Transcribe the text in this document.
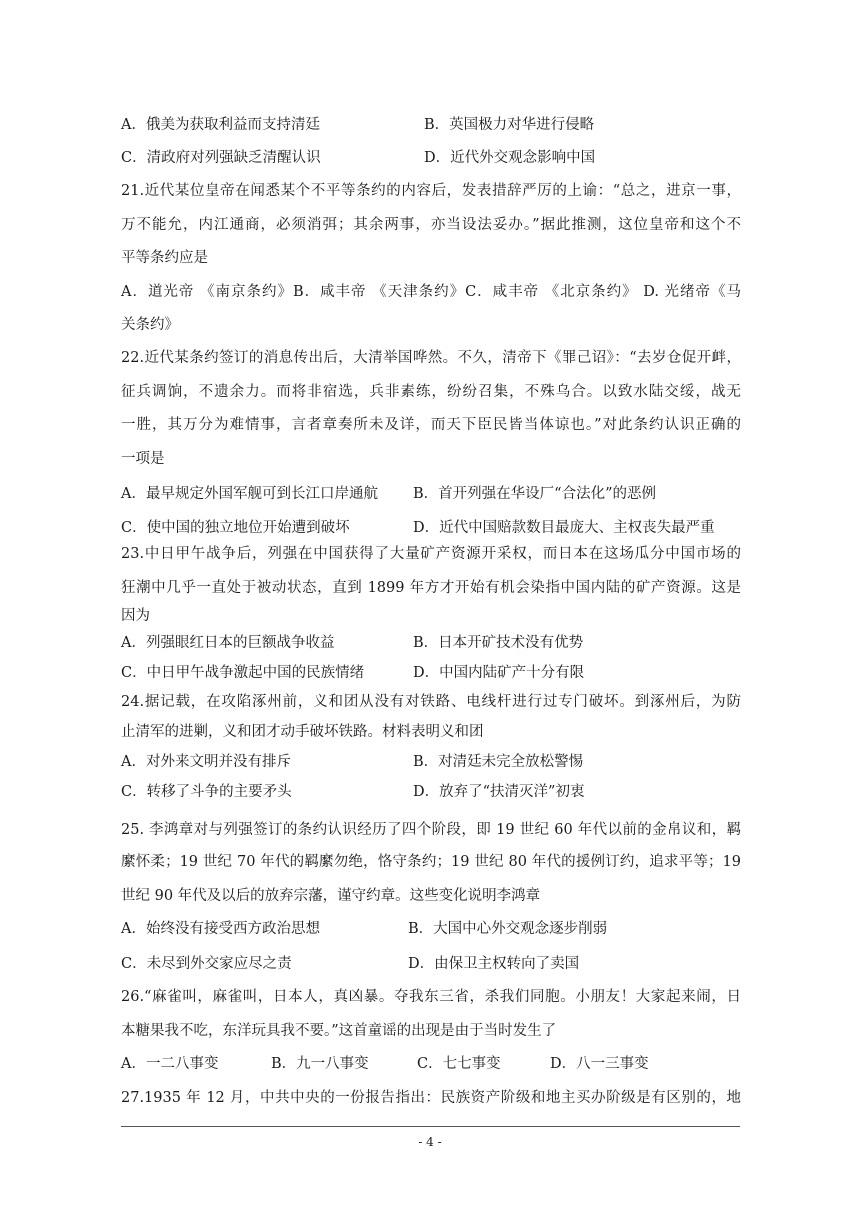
A．俄美为获取利益而支持清廷	B．英国极力对华进行侵略
C．清政府对列强缺乏清醒认识	D．近代外交观念影响中国
21.近代某位皇帝在闻悉某个不平等条约的内容后，发表措辞严厉的上谕：“总之，进京一事，
万不能允，内江通商，必须消弭；其余两事，亦当设法妥办。”据此推测，这位皇帝和这个不
平等条约应是
A．道光帝 《南京条约》B．咸丰帝 《天津条约》C．咸丰帝 《北京条约》 D. 光绪帝《马
关条约》
22.近代某条约签订的消息传出后，大清举国哗然。不久，清帝下《罪己诏》：“去岁仓促开衅，
征兵调饷，不遗余力。而将非宿选，兵非素练，纷纷召集，不殊乌合。以致水陆交绥，战无
一胜，其万分为难情事，言者章奏所未及详，而天下臣民皆当体谅也。”对此条约认识正确的
一项是
A．最早规定外国军舰可到长江口岸通航 B．首开列强在华设厂“合法化”的恶例
C．使中国的独立地位开始遭到破坏	D．近代中国赔款数目最庞大、主权丧失最严重
23.中日甲午战争后，列强在中国获得了大量矿产资源开采权，而日本在这场瓜分中国市场的
狂潮中几乎一直处于被动状态，直到 1899 年方才开始有机会染指中国内陆的矿产资源。这是
因为
A．列强眼红日本的巨额战争收益	B．日本开矿技术没有优势
C．中日甲午战争激起中国的民族情绪	D．中国内陆矿产十分有限
24.据记载，在攻陷涿州前，义和团从没有对铁路、电线杆进行过专门破坏。到涿州后，为防
止清军的进剿，义和团才动手破坏铁路。材料表明义和团
A．对外来文明并没有排斥	B．对清廷未完全放松警惕
C．转移了斗争的主要矛头	D．放弃了“扶清灭洋”初衷
25. 李鸿章对与列强签订的条约认识经历了四个阶段，即 19 世纪 60 年代以前的金帛议和，羁
縻怀柔；19 世纪 70 年代的羁縻勿绝，恪守条约；19 世纪 80 年代的援例订约，追求平等；19
世纪 90 年代及以后的放弃宗藩，谨守约章。这些变化说明李鸿章
A．始终没有接受西方政治思想	B．大国中心外交观念逐步削弱
C．未尽到外交家应尽之责	D．由保卫主权转向了卖国
26.“麻雀叫，麻雀叫，日本人，真凶暴。夺我东三省，杀我们同胞。小朋友！大家起来闹，日
本糖果我不吃，东洋玩具我不要。”这首童谣的出现是由于当时发生了
A．一二八事变	B．九一八事变	C．七七事变	D．八一三事变
27.1935 年 12 月，中共中央的一份报告指出：民族资产阶级和地主买办阶级是有区别的，地
- 4 -
